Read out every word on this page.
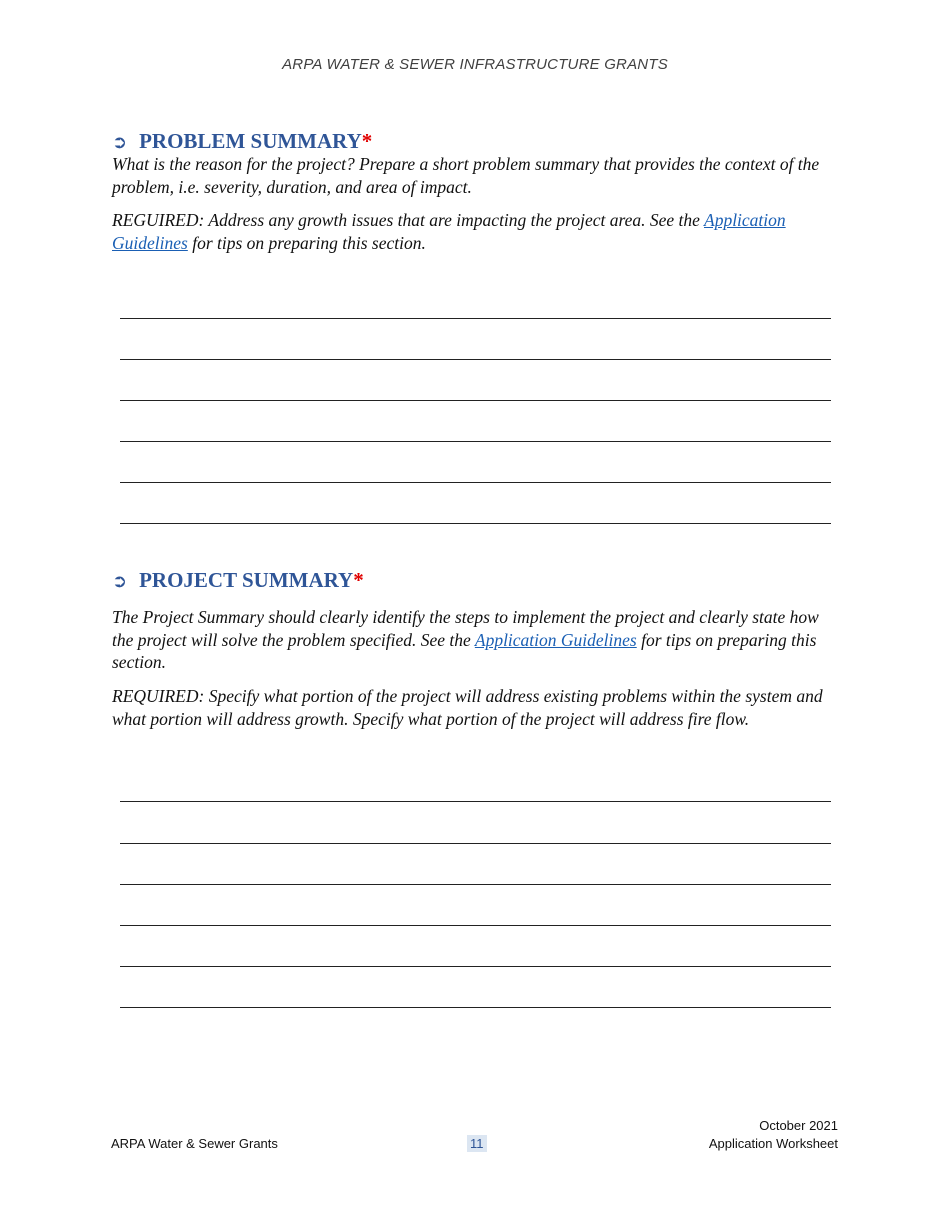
ARPA WATER & SEWER INFRASTRUCTURE GRANTS
➲ PROBLEM SUMMARY*

What is the reason for the project? Prepare a short problem summary that provides the context of the problem, i.e. severity, duration, and area of impact.

REGUIRED: Address any growth issues that are impacting the project area. See the Application Guidelines for tips on preparing this section.

➲ PROJECT SUMMARY*

The Project Summary should clearly identify the steps to implement the project and clearly state how the project will solve the problem specified. See the Application Guidelines for tips on preparing this section.

REQUIRED: Specify what portion of the project will address existing problems within the system and what portion will address growth. Specify what portion of the project will address fire flow.

ARPA Water & Sewer Grants	11
October 2021
Application Worksheet
